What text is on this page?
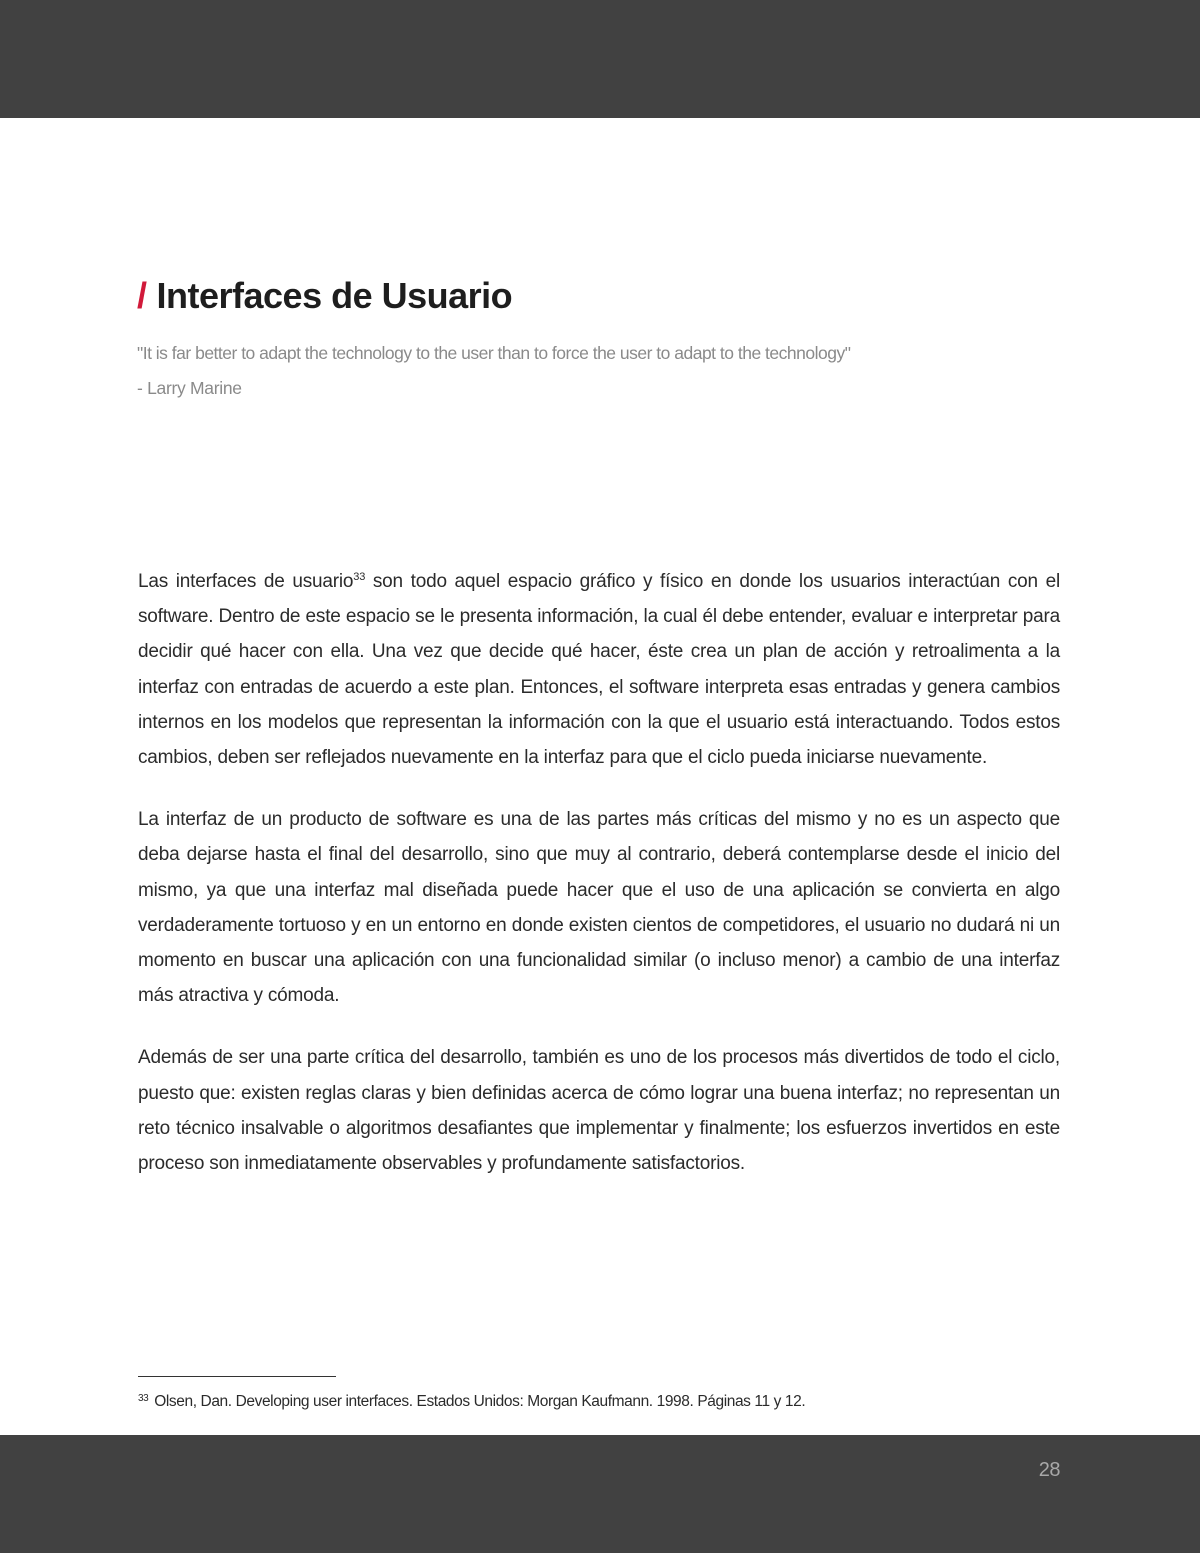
/ Interfaces de Usuario

"It is far better to adapt the technology to the user than to force the user to adapt to the technology"

- Larry Marine

Las interfaces de usuario$^{33}$ son todo aquel espacio gráfico y físico en donde los usuarios interactúan con el software. Dentro de este espacio se le presenta información, la cual él debe entender, evaluar e interpretar para decidir qué hacer con ella. Una vez que decide qué hacer, éste crea un plan de acción y retroalimenta a la interfaz con entradas de acuerdo a este plan. Entonces, el software interpreta esas entradas y genera cambios internos en los modelos que representan la información con la que el usuario está interactuando. Todos estos cambios, deben ser reflejados nuevamente en la interfaz para que el ciclo pueda iniciarse nuevamente.

La interfaz de un producto de software es una de las partes más críticas del mismo y no es un aspecto que deba dejarse hasta el final del desarrollo, sino que muy al contrario, deberá contemplarse desde el inicio del mismo, ya que una interfaz mal diseñada puede hacer que el uso de una aplicación se convierta en algo verdaderamente tortuoso y en un entorno en donde existen cientos de competidores, el usuario no dudará ni un momento en buscar una aplicación con una funcionalidad similar (o incluso menor) a cambio de una interfaz más atractiva y cómoda.

Además de ser una parte crítica del desarrollo, también es uno de los procesos más divertidos de todo el ciclo, puesto que: existen reglas claras y bien definidas acerca de cómo lograr una buena interfaz; no representan un reto técnico insalvable o algoritmos desafiantes que implementar y finalmente; los esfuerzos invertidos en este proceso son inmediatamente observables y profundamente satisfactorios.

$^{33}$ Olsen, Dan. Developing user interfaces. Estados Unidos: Morgan Kaufmann. 1998. Páginas 11 y 12.

28
